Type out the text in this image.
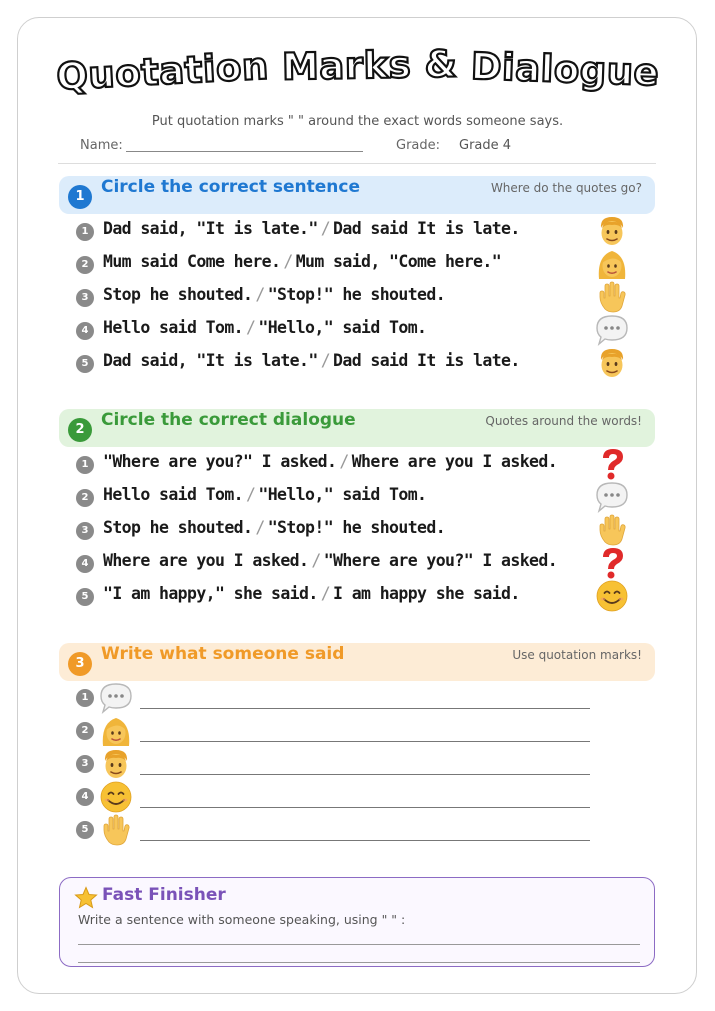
Quotation Marks & Dialogue
Put quotation marks " " around the exact words someone says.
Name:	Grade: Grade 4
1 Circle the correct sentence	Where do the quotes go?
1 Dad said, "It is late." / Dad said It is late.
2 Mum said Come here. / Mum said, "Come here."
3 Stop he shouted. / "Stop!" he shouted.
4 Hello said Tom. / "Hello," said Tom.
5 Dad said, "It is late." / Dad said It is late.
2 Circle the correct dialogue	Quotes around the words!
1 "Where are you?" I asked. / Where are you I asked.
2 Hello said Tom. / "Hello," said Tom.
3 Stop he shouted. / "Stop!" he shouted.
4 Where are you I asked. / "Where are you?" I asked.
5 "I am happy," she said. / I am happy she said.
3 Write what someone said	Use quotation marks!
1
2
3
4
5
Fast Finisher
Write a sentence with someone speaking, using " " :
